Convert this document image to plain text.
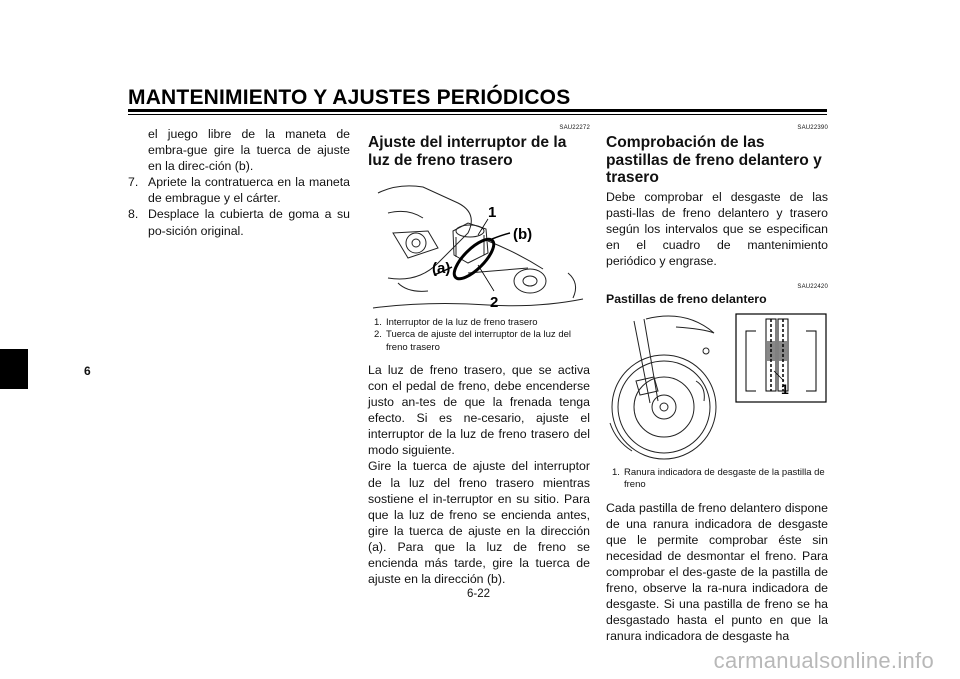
MANTENIMIENTO Y AJUSTES PERIÓDICOS
6

el juego libre de la maneta de embra-gue gire la tuerca de ajuste en la direc-ción (b).

7. Apriete la contratuerca en la maneta de embrague y el cárter.
8. Desplace la cubierta de goma a su po-sición original.

SAU22272

Ajuste del interruptor de la luz de freno trasero
1
(b)
(a)
2
1. Interruptor de la luz de freno trasero
2. Tuerca de ajuste del interruptor de la luz del freno trasero

La luz de freno trasero, que se activa con el pedal de freno, debe encenderse justo an-tes de que la frenada tenga efecto. Si es ne-cesario, ajuste el interruptor de la luz de freno trasero del modo siguiente.

Gire la tuerca de ajuste del interruptor de la luz del freno trasero mientras sostiene el in-terruptor en su sitio. Para que la luz de freno se encienda antes, gire la tuerca de ajuste en la dirección (a). Para que la luz de freno se encienda más tarde, gire la tuerca de ajuste en la dirección (b).

SAU22390

Comprobación de las pastillas de freno delantero y trasero

Debe comprobar el desgaste de las pasti-llas de freno delantero y trasero según los intervalos que se especifican en el cuadro de mantenimiento periódico y engrase.

SAU22420

Pastillas de freno delantero
1
1. Ranura indicadora de desgaste de la pastilla de freno

Cada pastilla de freno delantero dispone de una ranura indicadora de desgaste que le permite comprobar éste sin necesidad de desmontar el freno. Para comprobar el des-gaste de la pastilla de freno, observe la ra-nura indicadora de desgaste. Si una pastilla de freno se ha desgastado hasta el punto en que la ranura indicadora de desgaste ha

6-22
carmanualsonline.info
